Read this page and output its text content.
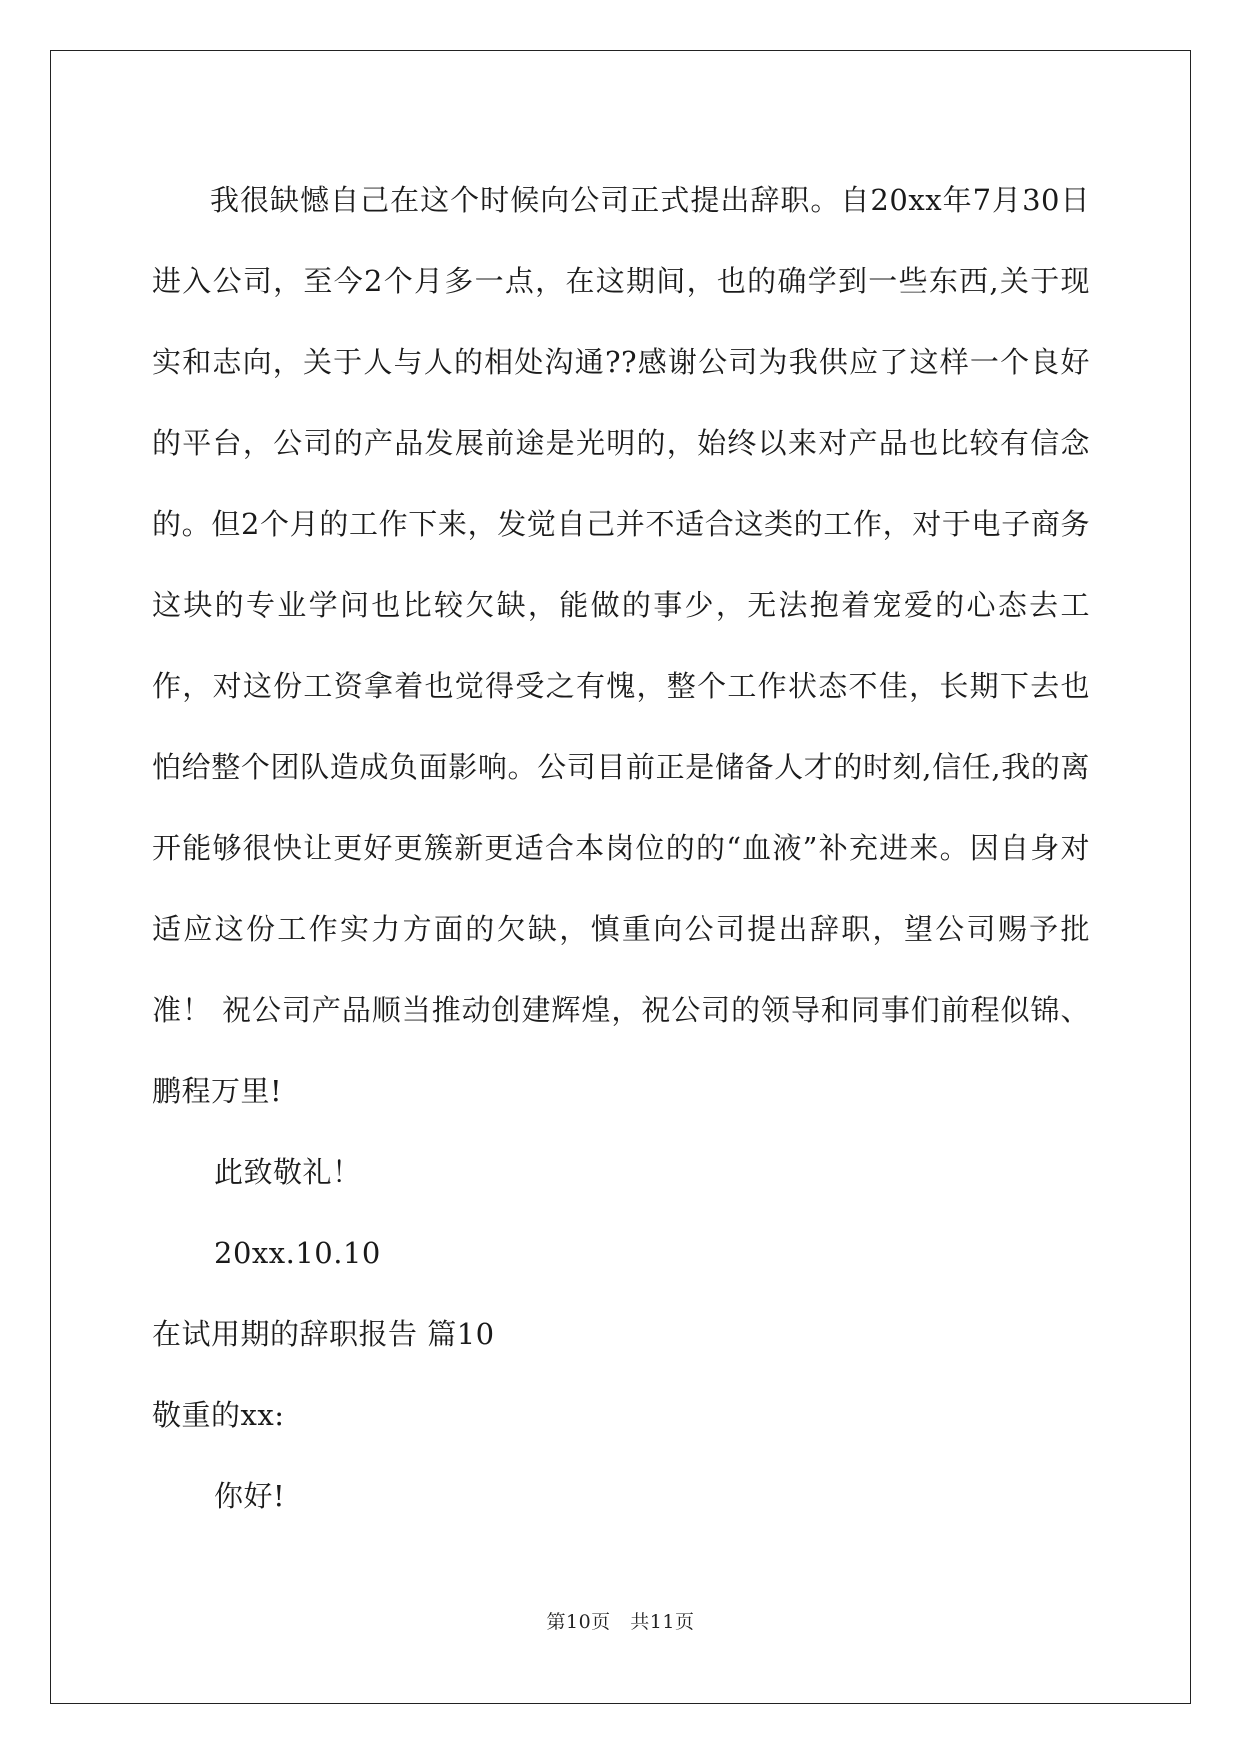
我很缺憾自己在这个时候向公司正式提出辞职。自20xx年7月30日进入公司，至今2个月多一点，在这期间，也的确学到一些东西,关于现实和志向，关于人与人的相处沟通??感谢公司为我供应了这样一个良好的平台，公司的产品发展前途是光明的，始终以来对产品也比较有信念的。但2个月的工作下来，发觉自己并不适合这类的工作，对于电子商务这块的专业学问也比较欠缺，能做的事少，无法抱着宠爱的心态去工作，对这份工资拿着也觉得受之有愧，整个工作状态不佳，长期下去也怕给整个团队造成负面影响。公司目前正是储备人才的时刻,信任,我的离开能够很快让更好更簇新更适合本岗位的的“血液”补充进来。因自身对适应这份工作实力方面的欠缺，慎重向公司提出辞职，望公司赐予批准！ 祝公司产品顺当推动创建辉煌，祝公司的领导和同事们前程似锦、鹏程万里!

此致敬礼！

20xx.10.10

在试用期的辞职报告 篇10

敬重的xx:

你好!

第10页   共11页
